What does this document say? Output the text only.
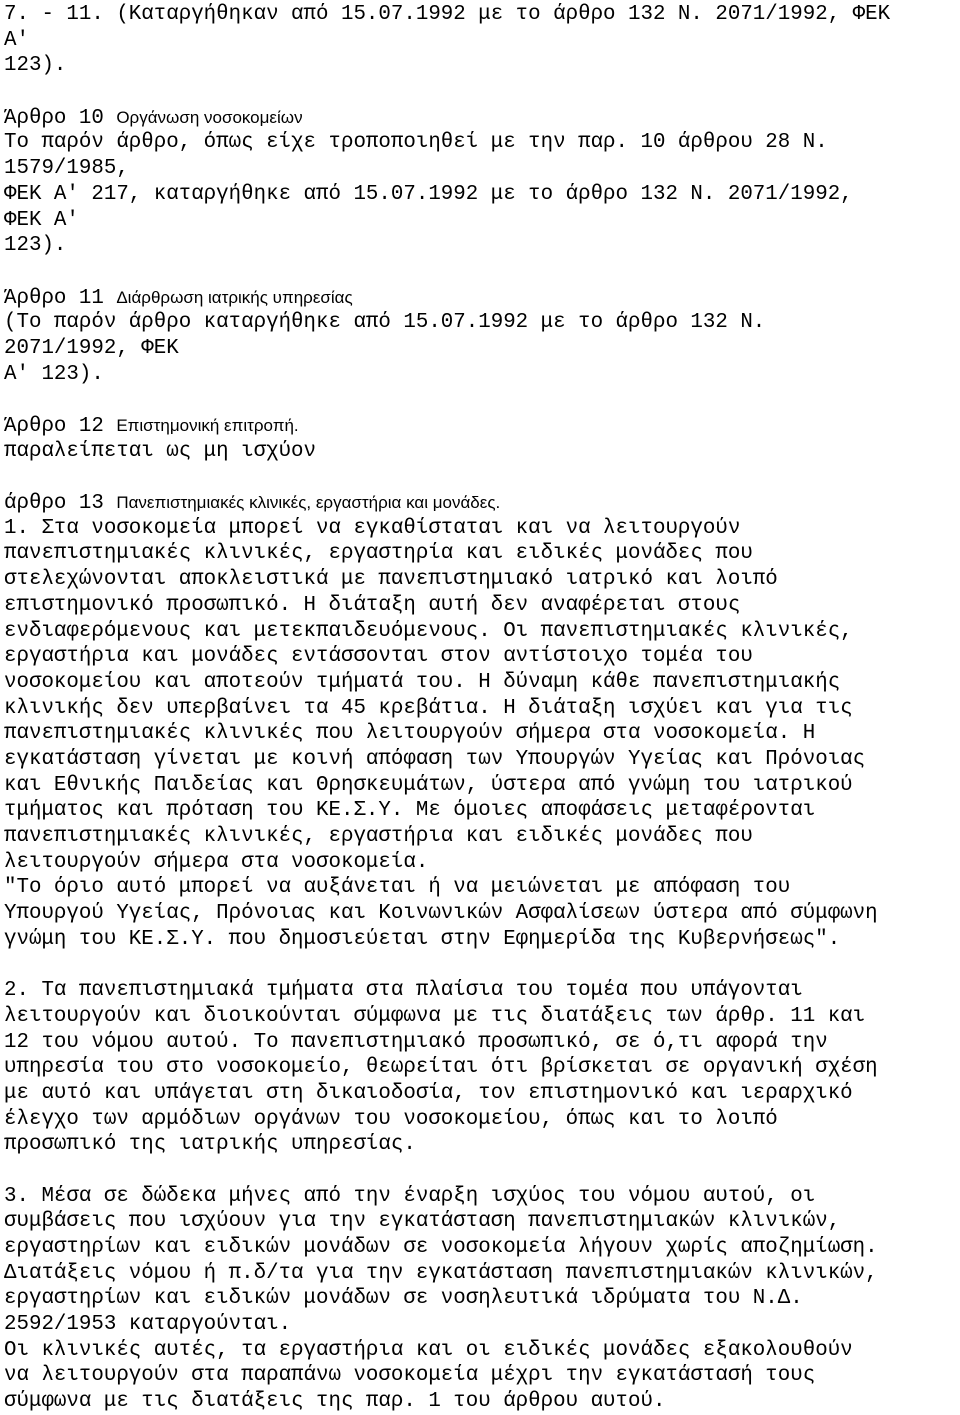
7. - 11. (Καταργήθηκαν από 15.07.1992 με το άρθρο 132 Ν. 2071/1992, ΦΕΚ
Α'
123).
Άρθρο 10 Οργάνωση νοσοκομείων
Το παρόν άρθρο, όπως είχε τροποποιηθεί με την παρ. 10 άρθρου 28 Ν.
1579/1985,
ΦΕΚ Α' 217, καταργήθηκε από 15.07.1992 με το άρθρο 132 Ν. 2071/1992,
ΦΕΚ Α'
123).
Άρθρο 11 Διάρθρωση ιατρικής υπηρεσίας
(Το παρόν άρθρο καταργήθηκε από 15.07.1992 με το άρθρο 132 Ν.
2071/1992, ΦΕΚ
Α' 123).
Άρθρο 12 Επιστημονική επιτροπή.
παραλείπεται ως μη ισχύον
άρθρο 13 Πανεπιστημιακές κλινικές, εργαστήρια και μονάδες.
1. Στα νοσοκομεία μπορεί να εγκαθίσταται και να λειτουργούν
πανεπιστημιακές κλινικές, εργαστηρία και ειδικές μονάδες που
στελεχώνονται αποκλειστικά με πανεπιστημιακό ιατρικό και λοιπό
επιστημονικό προσωπικό. Η διάταξη αυτή δεν αναφέρεται στους
ενδιαφερόμενους και μετεκπαιδευόμενους. Οι πανεπιστημιακές κλινικές,
εργαστήρια και μονάδες εντάσσονται στον αντίστοιχο τομέα του
νοσοκομείου και αποτεούν τμήματά του. Η δύναμη κάθε πανεπιστημιακής
κλινικής δεν υπερβαίνει τα 45 κρεβάτια. Η διάταξη ισχύει και για τις
πανεπιστημιακές κλινικές που λειτουργούν σήμερα στα νοσοκομεία. Η
εγκατάσταση γίνεται με κοινή απόφαση των Υπουργών Υγείας και Πρόνοιας
και Εθνικής Παιδείας και Θρησκευμάτων, ύστερα από γνώμη του ιατρικού
τμήματος και πρόταση του ΚΕ.Σ.Υ. Με όμοιες αποφάσεις μεταφέρονται
πανεπιστημιακές κλινικές, εργαστήρια και ειδικές μονάδες που
λειτουργούν σήμερα στα νοσοκομεία.
"Το όριο αυτό μπορεί να αυξάνεται ή να μειώνεται με απόφαση του
Υπουργού Υγείας, Πρόνοιας και Κοινωνικών Ασφαλίσεων ύστερα από σύμφωνη
γνώμη του ΚΕ.Σ.Υ. που δημοσιεύεται στην Εφημερίδα της Κυβερνήσεως".
2. Τα πανεπιστημιακά τμήματα στα πλαίσια του τομέα που υπάγονται
λειτουργούν και διοικούνται σύμφωνα με τις διατάξεις των άρθρ. 11 και
12 του νόμου αυτού. Το πανεπιστημιακό προσωπικό, σε ό,τι αφορά την
υπηρεσία του στο νοσοκομείο, θεωρείται ότι βρίσκεται σε οργανική σχέση
με αυτό και υπάγεται στη δικαιοδοσία, τον επιστημονικό και ιεραρχικό
έλεγχο των αρμόδιων οργάνων του νοσοκομείου, όπως και το λοιπό
προσωπικό της ιατρικής υπηρεσίας.
3. Μέσα σε δώδεκα μήνες από την έναρξη ισχύος του νόμου αυτού, οι
συμβάσεις που ισχύουν για την εγκατάσταση πανεπιστημιακών κλινικών,
εργαστηρίων και ειδικών μονάδων σε νοσοκομεία λήγουν χωρίς αποζημίωση.
Διατάξεις νόμου ή π.δ/τα για την εγκατάσταση πανεπιστημιακών κλινικών,
εργαστηρίων και ειδικών μονάδων σε νοσηλευτικά ιδρύματα του Ν.Δ.
2592/1953 καταργούνται.
Οι κλινικές αυτές, τα εργαστήρια και οι ειδικές μονάδες εξακολουθούν
να λειτουργούν στα παραπάνω νοσοκομεία μέχρι την εγκατάστασή τους
σύμφωνα με τις διατάξεις της παρ. 1 του άρθρου αυτού.
